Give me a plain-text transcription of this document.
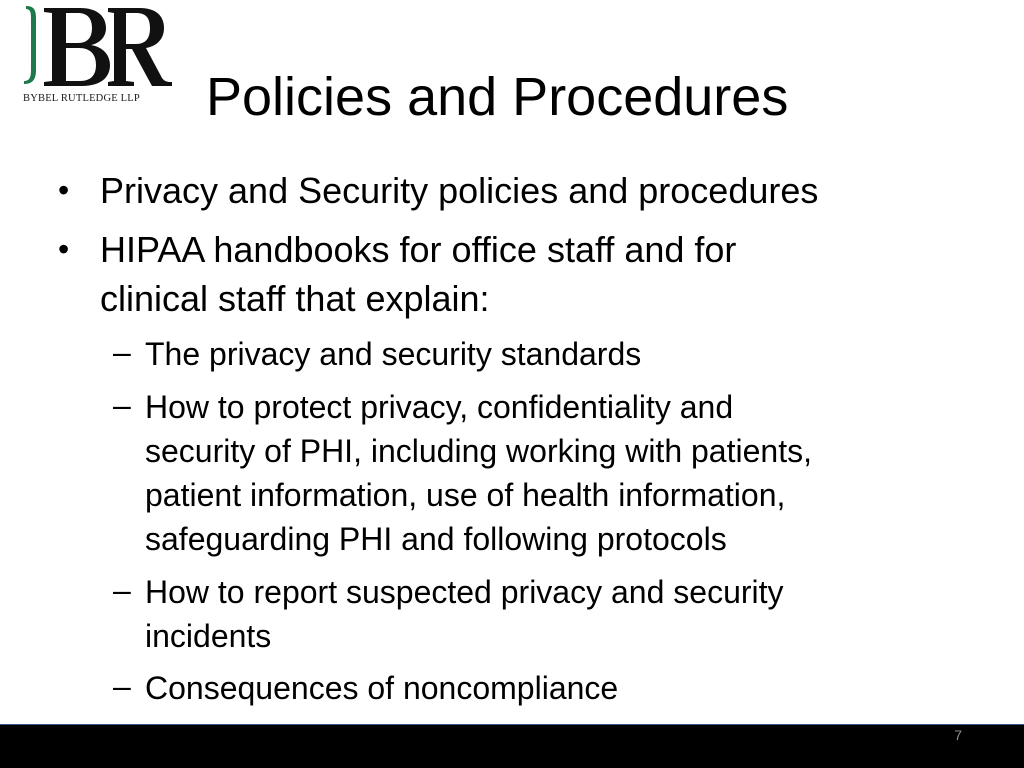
BYBEL RUTLEDGE LLP Policies and Procedures
• Privacy and Security policies and procedures
• HIPAA handbooks for office staff and for
clinical staff that explain:
– The privacy and security standards
– How to protect privacy, confidentiality and
security of PHI, including working with patients,
patient information, use of health information,
safeguarding PHI and following protocols
– How to report suspected privacy and security
incidents
– Consequences of noncompliance
7
